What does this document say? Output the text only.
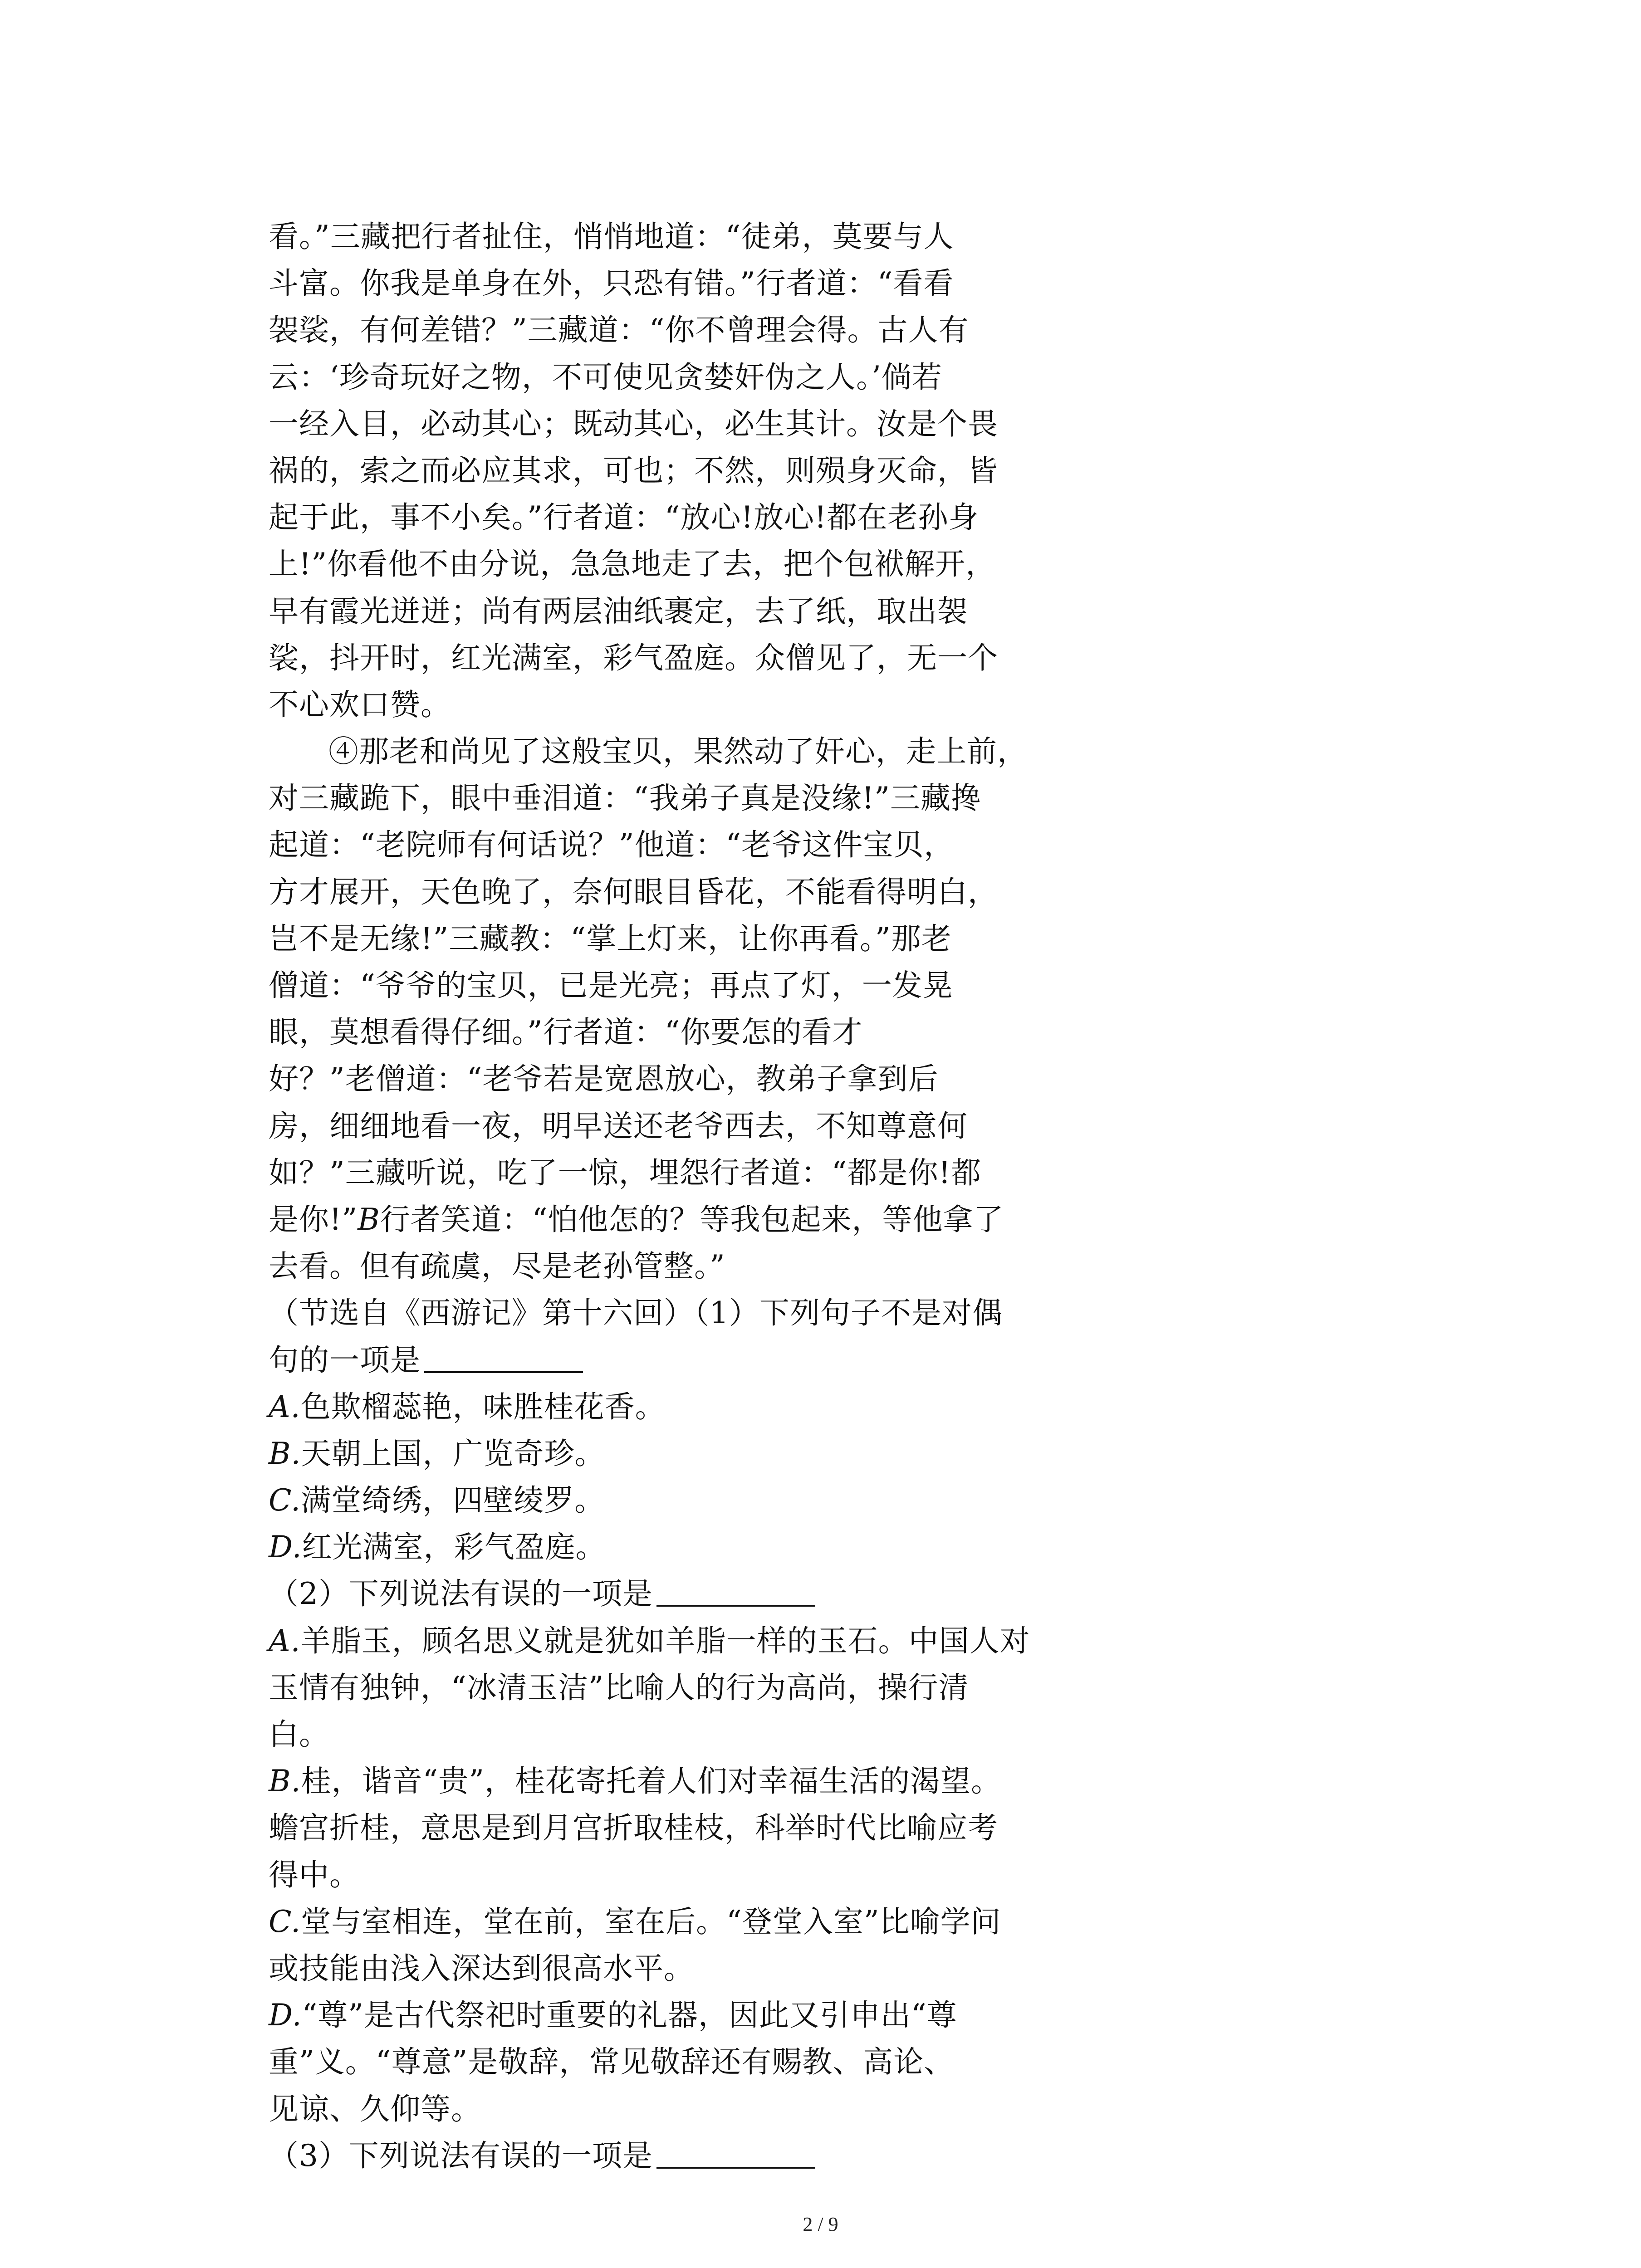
看。”三藏把行者扯住，悄悄地道：“徒弟，莫要与人
斗富。你我是单身在外，只恐有错。”行者道：“看看
袈裟，有何差错？”三藏道：“你不曾理会得。古人有
云：‘珍奇玩好之物，不可使见贪婪奸伪之人。’倘若
一经入目，必动其心；既动其心，必生其计。汝是个畏
祸的，索之而必应其求，可也；不然，则殒身灭命，皆
起于此，事不小矣。”行者道：“放心!放心!都在老孙身
上!”你看他不由分说，急急地走了去，把个包袱解开，
早有霞光迸迸；尚有两层油纸裹定，去了纸，取出袈
裟，抖开时，红光满室，彩气盈庭。众僧见了，无一个
不心欢口赞。
④那老和尚见了这般宝贝，果然动了奸心，走上前，
对三藏跪下，眼中垂泪道：“我弟子真是没缘!”三藏搀
起道：“老院师有何话说？”他道：“老爷这件宝贝，
方才展开，天色晚了，奈何眼目昏花，不能看得明白，
岂不是无缘!”三藏教：“掌上灯来，让你再看。”那老
僧道：“爷爷的宝贝，已是光亮；再点了灯，一发晃
眼，莫想看得仔细。”行者道：“你要怎的看才
好？”老僧道：“老爷若是宽恩放心，教弟子拿到后
房，细细地看一夜，明早送还老爷西去，不知尊意何
如？”三藏听说，吃了一惊，埋怨行者道：“都是你!都
是你!”B行者笑道：“怕他怎的？等我包起来，等他拿了
去看。但有疏虞，尽是老孙管整。”
（节选自《西游记》第十六回）（1）下列句子不是对偶
句的一项是
A.色欺榴蕊艳，味胜桂花香。
B.天朝上国，广览奇珍。
C.满堂绮绣，四壁绫罗。
D.红光满室，彩气盈庭。
（2）下列说法有误的一项是
A.羊脂玉，顾名思义就是犹如羊脂一样的玉石。中国人对
玉情有独钟，“冰清玉洁”比喻人的行为高尚，操行清
白。
B.桂，谐音“贵”，桂花寄托着人们对幸福生活的渴望。
蟾宫折桂，意思是到月宫折取桂枝，科举时代比喻应考
得中。
C.堂与室相连，堂在前，室在后。“登堂入室”比喻学问
或技能由浅入深达到很高水平。
D.“尊”是古代祭祀时重要的礼器，因此又引申出“尊
重”义。“尊意”是敬辞，常见敬辞还有赐教、高论、
见谅、久仰等。
（3）下列说法有误的一项是
2 / 9
